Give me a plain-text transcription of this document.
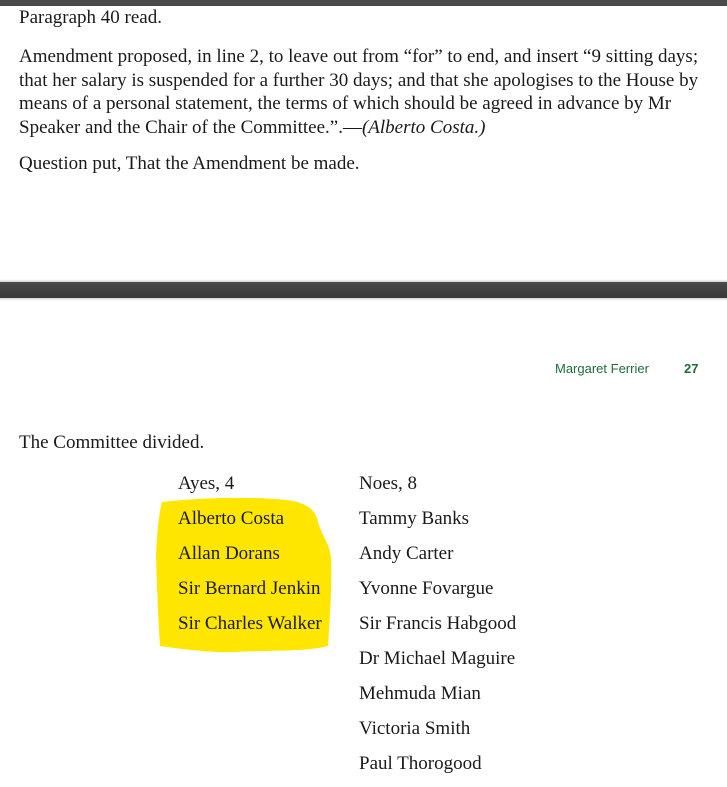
Paragraph 40 read.

Amendment proposed, in line 2, to leave out from “for” to end, and insert “9 sitting days; that her salary is suspended for a further 30 days; and that she apologises to the House by means of a personal statement, the terms of which should be agreed in advance by Mr Speaker and the Chair of the Committee.”.—(Alberto Costa.)

Question put, That the Amendment be made.

Margaret Ferrier	27

The Committee divided.

Ayes, 4
Alberto Costa
Allan Dorans
Sir Bernard Jenkin
Sir Charles Walker
Noes, 8
Tammy Banks
Andy Carter
Yvonne Fovargue
Sir Francis Habgood
Dr Michael Maguire
Mehmuda Mian
Victoria Smith
Paul Thorogood
